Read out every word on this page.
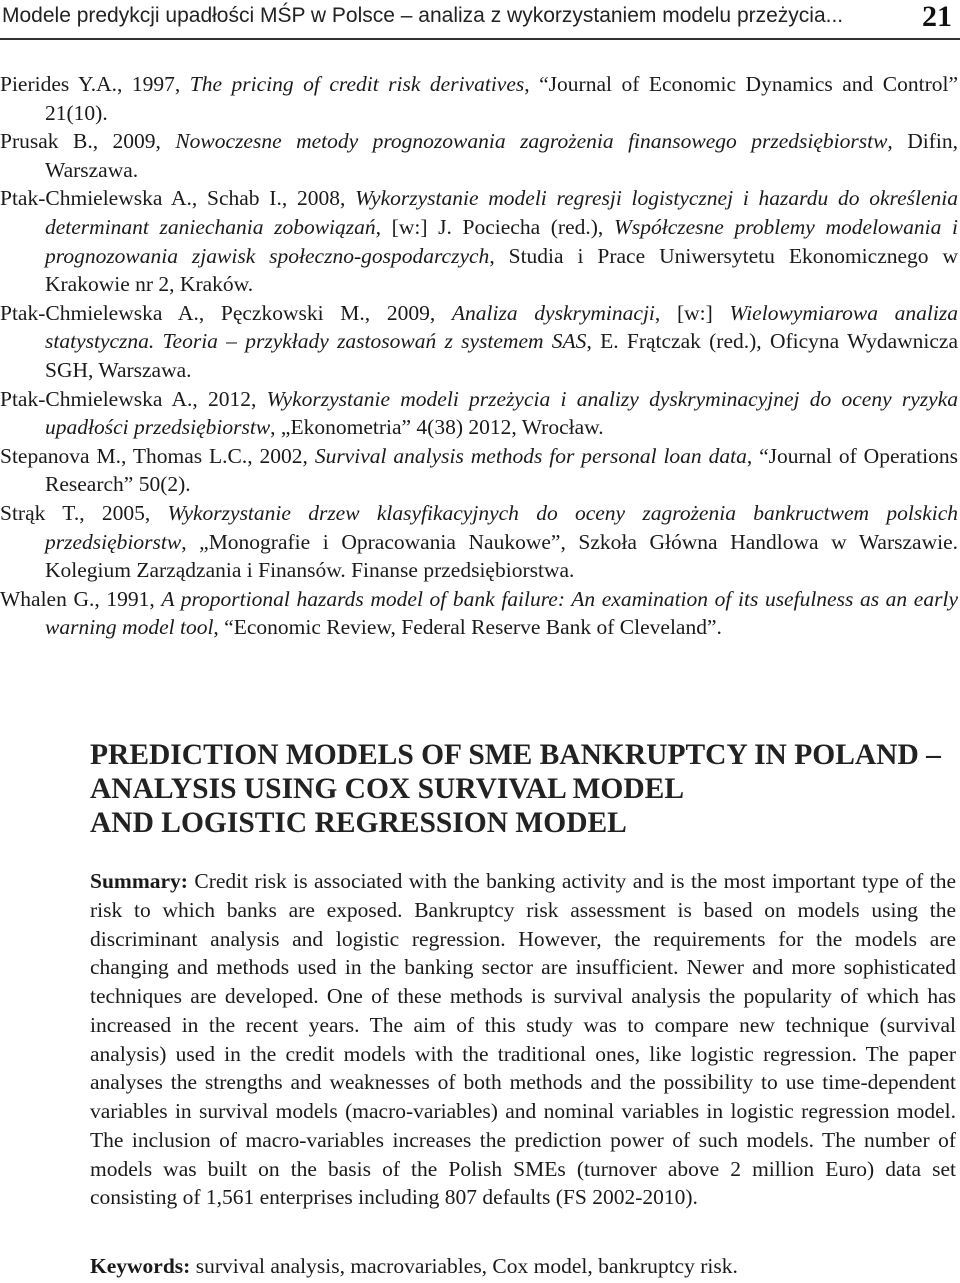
Modele predykcji upadłości MŚP w Polsce – analiza z wykorzystaniem modelu przeżycia...	21

Pierides Y.A., 1997, The pricing of credit risk derivatives, “Journal of Economic Dynamics and Control” 21(10).

Prusak B., 2009, Nowoczesne metody prognozowania zagrożenia finansowego przedsiębiorstw, Difin, Warszawa.

Ptak-Chmielewska A., Schab I., 2008, Wykorzystanie modeli regresji logistycznej i hazardu do określenia determinant zaniechania zobowiązań, [w:] J. Pociecha (red.), Współczesne problemy modelowania i prognozowania zjawisk społeczno-gospodarczych, Studia i Prace Uniwersytetu Ekonomicznego w Krakowie nr 2, Kraków.

Ptak-Chmielewska A., Pęczkowski M., 2009, Analiza dyskryminacji, [w:] Wielowymiarowa analiza statystyczna. Teoria – przykłady zastosowań z systemem SAS, E. Frątczak (red.), Oficyna Wydawnicza SGH, Warszawa.

Ptak-Chmielewska A., 2012, Wykorzystanie modeli przeżycia i analizy dyskryminacyjnej do oceny ryzyka upadłości przedsiębiorstw, „Ekonometria” 4(38) 2012, Wrocław.

Stepanova M., Thomas L.C., 2002, Survival analysis methods for personal loan data, “Journal of Operations Research” 50(2).

Strąk T., 2005, Wykorzystanie drzew klasyfikacyjnych do oceny zagrożenia bankructwem polskich przedsiębiorstw, „Monografie i Opracowania Naukowe”, Szkoła Główna Handlowa w Warszawie. Kolegium Zarządzania i Finansów. Finanse przedsiębiorstwa.

Whalen G., 1991, A proportional hazards model of bank failure: An examination of its usefulness as an early warning model tool, “Economic Review, Federal Reserve Bank of Cleveland”.

PREDICTION MODELS OF SME BANKRUPTCY IN POLAND –
ANALYSIS USING COX SURVIVAL MODEL
AND LOGISTIC REGRESSION MODEL

Summary: Credit risk is associated with the banking activity and is the most important type of the risk to which banks are exposed. Bankruptcy risk assessment is based on models using the discriminant analysis and logistic regression. However, the requirements for the models are changing and methods used in the banking sector are insufficient. Newer and more sophisticated techniques are developed. One of these methods is survival analysis the popularity of which has increased in the recent years. The aim of this study was to compare new technique (survival analysis) used in the credit models with the traditional ones, like logistic regression. The paper analyses the strengths and weaknesses of both methods and the possibility to use time-dependent variables in survival models (macro-variables) and nominal variables in logistic regression model. The inclusion of macro-variables increases the prediction power of such models. The number of models was built on the basis of the Polish SMEs (turnover above 2 million Euro) data set consisting of 1,561 enterprises including 807 defaults (FS 2002-2010).

Keywords: survival analysis, macrovariables, Cox model, bankruptcy risk.
